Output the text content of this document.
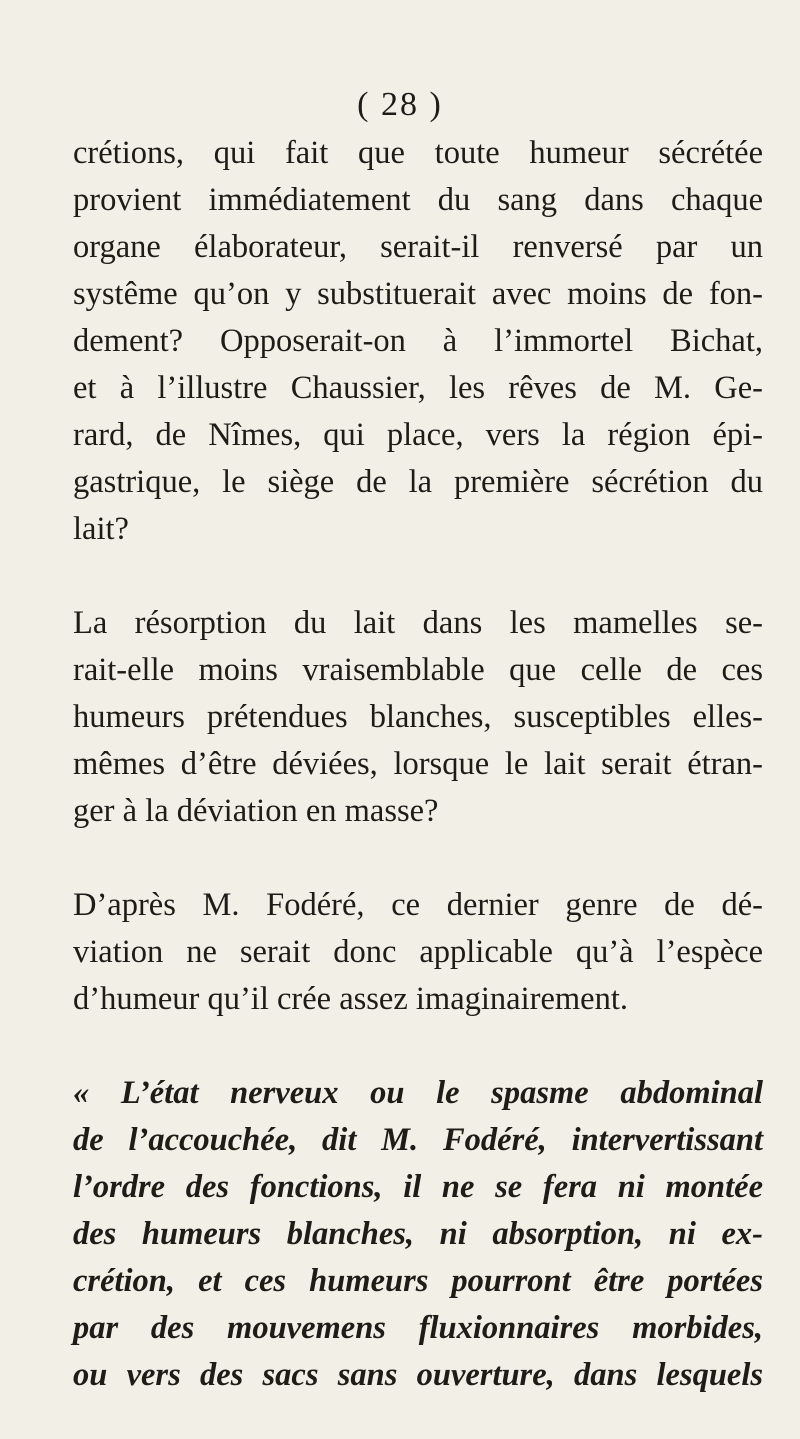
( 28 )

crétions, qui fait que toute humeur sécrétée
provient immédiatement du sang dans chaque
organe élaborateur, serait-il renversé par un
systême qu’on y substituerait avec moins de fon-
dement? Opposerait-on à l’immortel Bichat,
et à l’illustre Chaussier, les rêves de M. Ge-
rard, de Nîmes, qui place, vers la région épi-
gastrique, le siège de la première sécrétion du
lait?

La résorption du lait dans les mamelles se-
rait-elle moins vraisemblable que celle de ces
humeurs prétendues blanches, susceptibles elles-
mêmes d’être déviées, lorsque le lait serait étran-
ger à la déviation en masse?

D’après M. Fodéré, ce dernier genre de dé-
viation ne serait donc applicable qu’à l’espèce
d’humeur qu’il crée assez imaginairement.

« L’état nerveux ou le spasme abdominal
de l’accouchée, dit M. Fodéré, intervertissant
l’ordre des fonctions, il ne se fera ni montée
des humeurs blanches, ni absorption, ni ex-
crétion, et ces humeurs pourront être portées
par des mouvemens fluxionnaires morbides,
ou vers des sacs sans ouverture, dans lesquels
